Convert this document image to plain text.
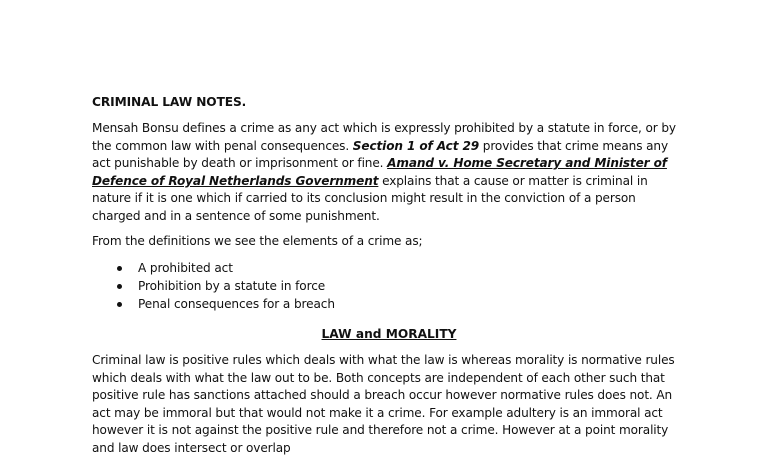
CRIMINAL LAW NOTES.
Mensah Bonsu defines a crime as any act which is expressly prohibited by a statute in force, or by the common law with penal consequences. Section 1 of Act 29 provides that crime means any act punishable by death or imprisonment or fine. Amand v. Home Secretary and Minister of Defence of Royal Netherlands Government explains that a cause or matter is criminal in nature if it is one which if carried to its conclusion might result in the conviction of a person charged and in a sentence of some punishment.
From the definitions we see the elements of a crime as;
A prohibited act
Prohibition by a statute in force
Penal consequences for a breach
LAW and MORALITY
Criminal law is positive rules which deals with what the law is whereas morality is normative rules which deals with what the law out to be. Both concepts are independent of each other such that positive rule has sanctions attached should a breach occur however normative rules does not. An act may be immoral but that would not make it a crime. For example adultery is an immoral act however it is not against the positive rule and therefore not a crime. However at a point morality and law does intersect or overlap
